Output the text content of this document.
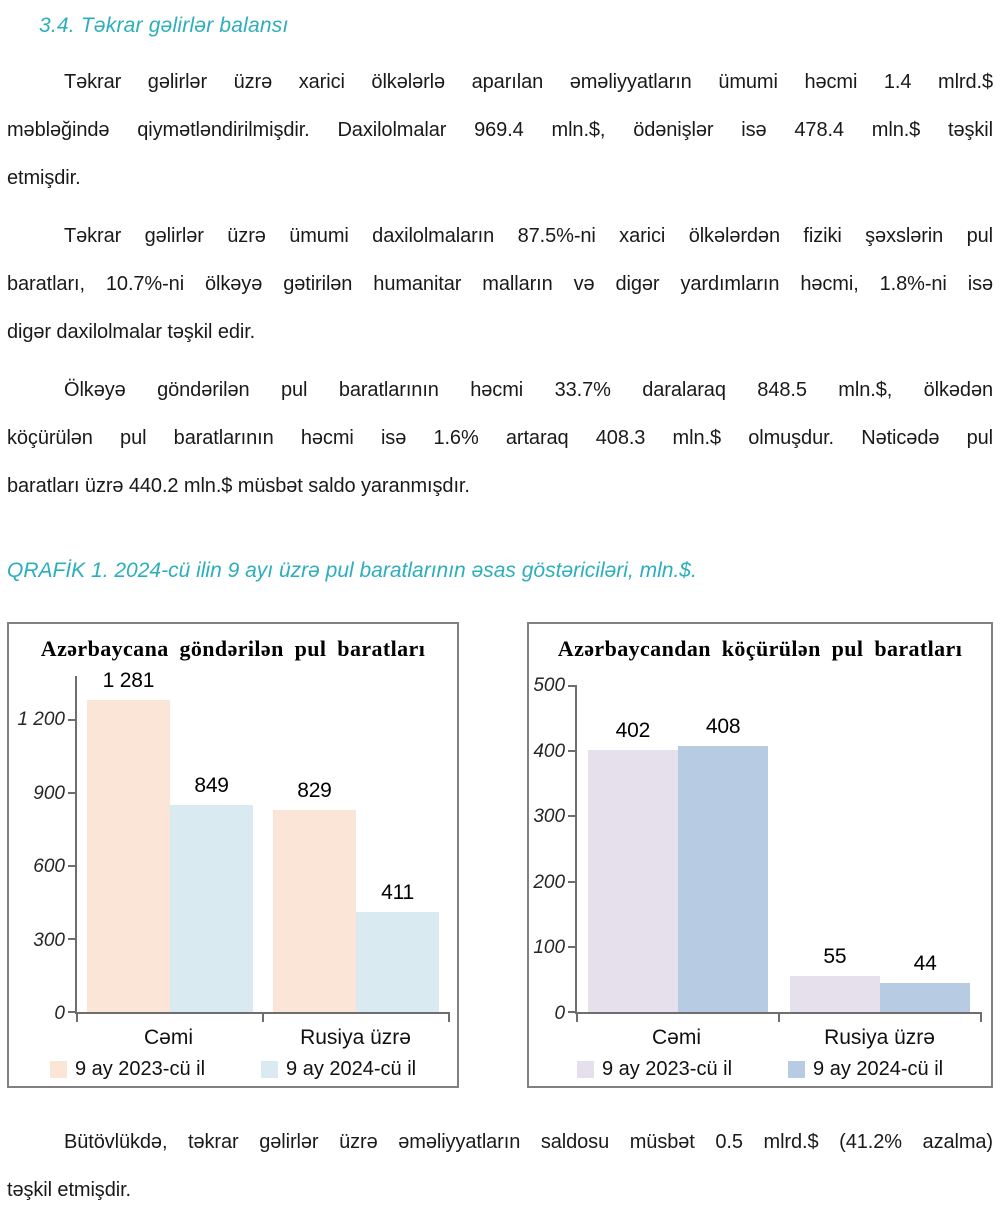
3.4. Təkrar gəlirlər balansı
Təkrar gəlirlər üzrə xarici ölkələrlə aparılan əməliyyatların ümumi həcmi 1.4 mlrd.$
məbləğində qiymətləndirilmişdir. Daxilolmalar 969.4 mln.$, ödənişlər isə 478.4 mln.$ təşkil
etmişdir.
Təkrar gəlirlər üzrə ümumi daxilolmaların 87.5%-ni xarici ölkələrdən fiziki şəxslərin pul
baratları, 10.7%-ni ölkəyə gətirilən humanitar malların və digər yardımların həcmi, 1.8%-ni isə
digər daxilolmalar təşkil edir.
Ölkəyə göndərilən pul baratlarının həcmi 33.7% daralaraq 848.5 mln.$, ölkədən
köçürülən pul baratlarının həcmi isə 1.6% artaraq 408.3 mln.$ olmuşdur. Nəticədə pul
baratları üzrə 440.2 mln.$ müsbət saldo yaranmışdır.
QRAFİK 1. 2024-cü ilin 9 ayı üzrə pul baratlarının əsas göstəriciləri, mln.$.
Azərbaycana göndərilən pul baratları
0
300
600
900
1 200
1 281
849	829
411
Cəmi	Rusiya üzrə
9 ay 2023-cü il	9 ay 2024-cü il
Azərbaycandan köçürülən pul baratları
0
100
200
300
400
500
402	408
55	44
Cəmi	Rusiya üzrə
9 ay 2023-cü il	9 ay 2024-cü il
Bütövlükdə, təkrar gəlirlər üzrə əməliyyatların saldosu müsbət 0.5 mlrd.$ (41.2% azalma)
təşkil etmişdir.
